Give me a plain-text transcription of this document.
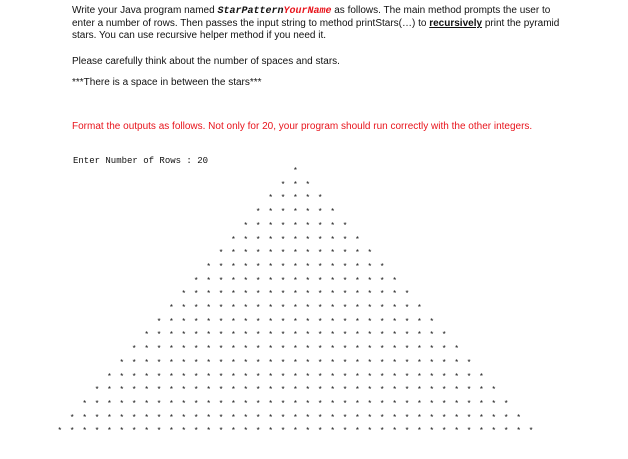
Write your Java program named StarPatternYourName as follows. The main method prompts the user to enter a number of rows. Then passes the input string to method printStars(…) to recursively print the pyramid stars. You can use recursive helper method if you need it.

Please carefully think about the number of spaces and stars.

***There is a space in between the stars***

Format the outputs as follows. Not only for 20, your program should run correctly with the other integers.

Enter Number of Rows : 20
*
* * *
* * * * *
* * * * * * *
* * * * * * * * *
* * * * * * * * * * *
* * * * * * * * * * * * *
* * * * * * * * * * * * * * *
* * * * * * * * * * * * * * * * *
* * * * * * * * * * * * * * * * * * *
* * * * * * * * * * * * * * * * * * * * *
* * * * * * * * * * * * * * * * * * * * * * *
* * * * * * * * * * * * * * * * * * * * * * * * *
* * * * * * * * * * * * * * * * * * * * * * * * * * *
* * * * * * * * * * * * * * * * * * * * * * * * * * * * *
* * * * * * * * * * * * * * * * * * * * * * * * * * * * * * *
* * * * * * * * * * * * * * * * * * * * * * * * * * * * * * * * *
* * * * * * * * * * * * * * * * * * * * * * * * * * * * * * * * * * *
* * * * * * * * * * * * * * * * * * * * * * * * * * * * * * * * * * * * *
* * * * * * * * * * * * * * * * * * * * * * * * * * * * * * * * * * * * * * *
